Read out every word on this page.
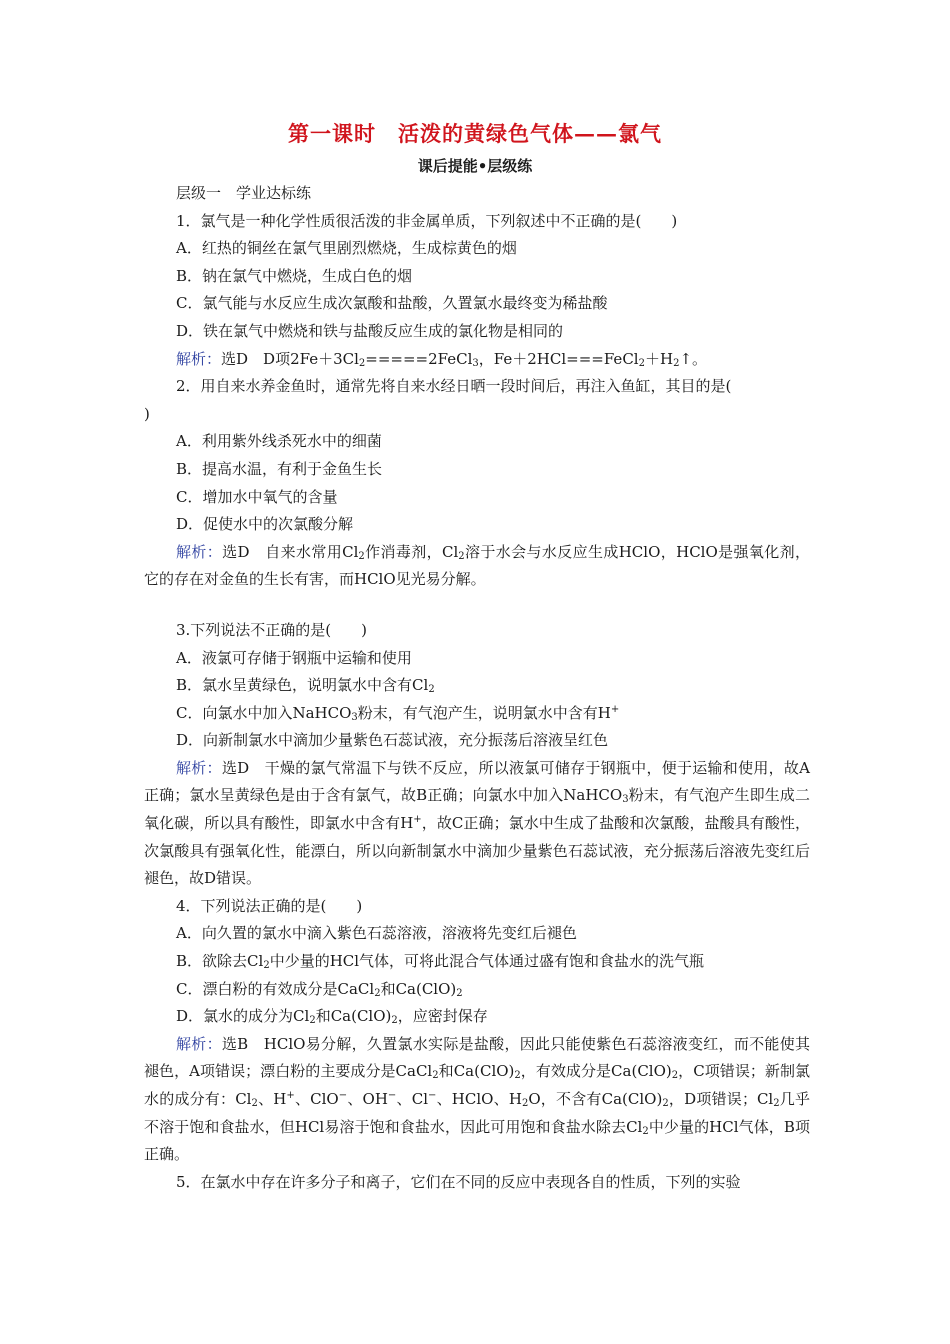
第一课时　活泼的黄绿色气体——氯气
课后提能•层级练

层级一　学业达标练

1．氯气是一种化学性质很活泼的非金属单质，下列叙述中不正确的是(　　)

A．红热的铜丝在氯气里剧烈燃烧，生成棕黄色的烟

B．钠在氯气中燃烧，生成白色的烟

C．氯气能与水反应生成次氯酸和盐酸，久置氯水最终变为稀盐酸

D．铁在氯气中燃烧和铁与盐酸反应生成的氯化物是相同的

解析：选D　D项$2Fe+3Cl_2=====2FeCl_3$，$Fe+2HCl===FeCl_2+H_2↑$。

2．用自来水养金鱼时，通常先将自来水经日晒一段时间后，再注入鱼缸，其目的是(

)

A．利用紫外线杀死水中的细菌

B．提高水温，有利于金鱼生长

C．增加水中氧气的含量

D．促使水中的次氯酸分解

解析：选D　自来水常用$Cl_2$作消毒剂，$Cl_2$溶于水会与水反应生成HClO，HClO是强氧化剂，它的存在对金鱼的生长有害，而HClO见光易分解。

3.下列说法不正确的是(　　)

A．液氯可存储于钢瓶中运输和使用

B．氯水呈黄绿色，说明氯水中含有$Cl_2$

C．向氯水中加入NaHCO$_3$粉末，有气泡产生，说明氯水中含有H+

D．向新制氯水中滴加少量紫色石蕊试液，充分振荡后溶液呈红色

解析：选D　干燥的氯气常温下与铁不反应，所以液氯可储存于钢瓶中，便于运输和使用，故A正确；氯水呈黄绿色是由于含有氯气，故B正确；向氯水中加入NaHCO$_3$粉末，有气泡产生即生成二氧化碳，所以具有酸性，即氯水中含有H+，故C正确；氯水中生成了盐酸和次氯酸，盐酸具有酸性，次氯酸具有强氧化性，能漂白，所以向新制氯水中滴加少量紫色石蕊试液，充分振荡后溶液先变红后褪色，故D错误。

4．下列说法正确的是(　　)

A．向久置的氯水中滴入紫色石蕊溶液，溶液将先变红后褪色

B．欲除去$Cl_2$中少量的HCl气体，可将此混合气体通过盛有饱和食盐水的洗气瓶

C．漂白粉的有效成分是CaCl$_2$和$Ca(ClO)_2$

D．氯水的成分为$Cl_2$和$Ca(ClO)_2$，应密封保存

解析：选B　HClO易分解，久置氯水实际是盐酸，因此只能使紫色石蕊溶液变红，而不能使其褪色，A项错误；漂白粉的主要成分是CaCl$_2$和$Ca(ClO)_2$，有效成分是$Ca(ClO)_2$，C项错误；新制氯水的成分有：$Cl_2$、H+、ClO−、OH−、Cl−、HClO、$H_2O$，不含有$Ca(ClO)_2$，D项错误；$Cl_2$几乎不溶于饱和食盐水，但HCl易溶于饱和食盐水，因此可用饱和食盐水除去$Cl_2$中少量的HCl气体，B项正确。

5．在氯水中存在许多分子和离子，它们在不同的反应中表现各自的性质，下列的实验
